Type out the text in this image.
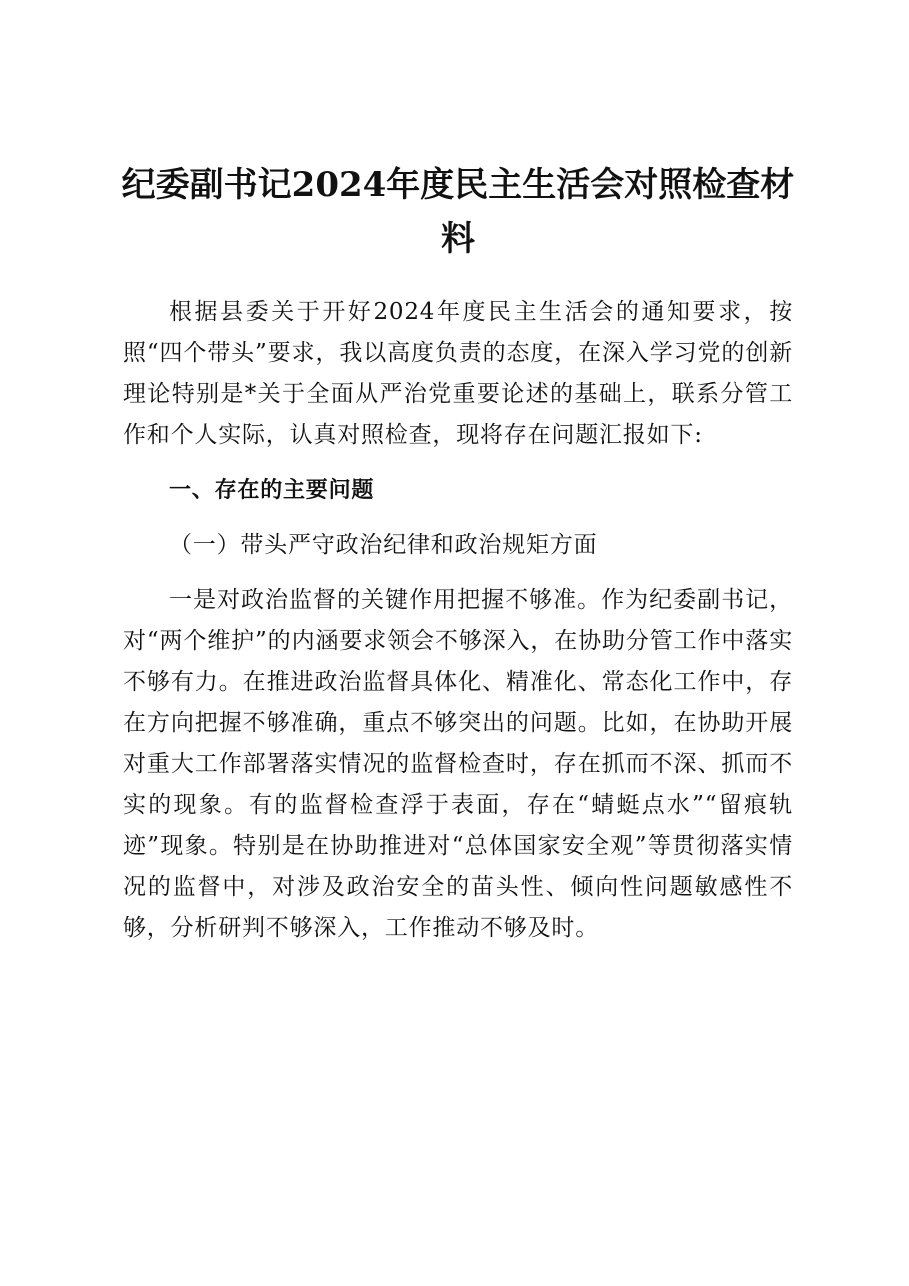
纪委副书记2024年度民主生活会对照检查材料

根据县委关于开好2024年度民主生活会的通知要求，按照“四个带头”要求，我以高度负责的态度，在深入学习党的创新理论特别是*关于全面从严治党重要论述的基础上，联系分管工作和个人实际，认真对照检查，现将存在问题汇报如下:

一、存在的主要问题

（一）带头严守政治纪律和政治规矩方面

一是对政治监督的关键作用把握不够准。作为纪委副书记，对“两个维护”的内涵要求领会不够深入，在协助分管工作中落实不够有力。在推进政治监督具体化、精准化、常态化工作中，存在方向把握不够准确，重点不够突出的问题。比如，在协助开展对重大工作部署落实情况的监督检查时，存在抓而不深、抓而不实的现象。有的监督检查浮于表面，存在“蜻蜓点水”“留痕轨迹”现象。特别是在协助推进对“总体国家安全观”等贯彻落实情况的监督中，对涉及政治安全的苗头性、倾向性问题敏感性不够，分析研判不够深入，工作推动不够及时。
